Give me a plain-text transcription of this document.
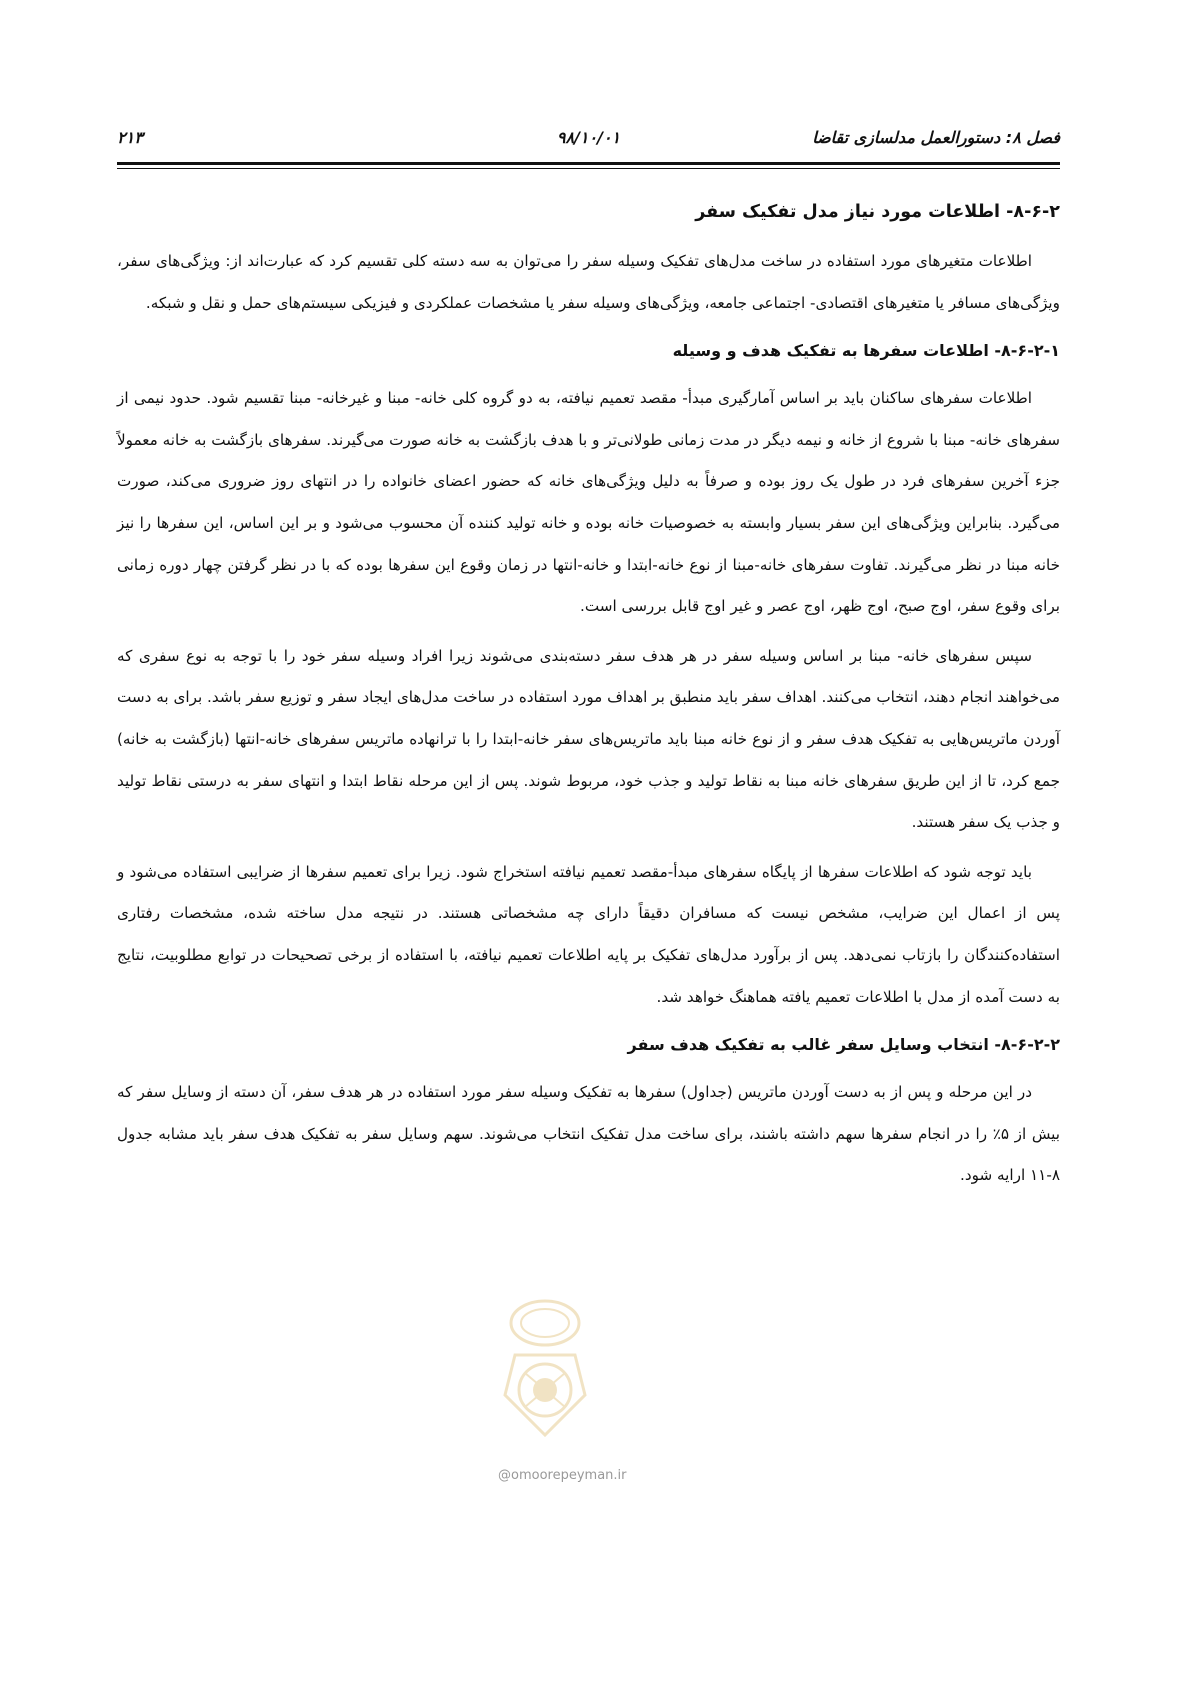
فصل ۸: دستورالعمل مدلسازی تقاضا
۹۸/۱۰/۰۱
۲۱۳
۸-۶-۲- اطلاعات مورد نیاز مدل تفکیک سفر

اطلاعات متغیرهای مورد استفاده در ساخت مدل‌های تفکیک وسیله سفر را می‌توان به سه دسته کلی تقسیم کرد که عبارت‌اند از: ویژگی‌های سفر، ویژگی‌های مسافر یا متغیرهای اقتصادی- اجتماعی جامعه، ویژگی‌های وسیله سفر یا مشخصات عملکردی و فیزیکی سیستم‌های حمل و نقل و شبکه.

۸-۶-۲-۱- اطلاعات سفرها به تفکیک هدف و وسیله

اطلاعات سفرهای ساکنان باید بر اساس آمارگیری مبدأ- مقصد تعمیم نیافته، به دو گروه کلی خانه- مبنا و غیرخانه- مبنا تقسیم شود. حدود نیمی از سفرهای خانه- مبنا با شروع از خانه و نیمه دیگر در مدت زمانی طولانی‌تر و با هدف بازگشت به خانه صورت می‌گیرند. سفرهای بازگشت به خانه معمولاً جزء آخرین سفرهای فرد در طول یک روز بوده و صرفاً به دلیل ویژگی‌های خانه که حضور اعضای خانواده را در انتهای روز ضروری می‌کند، صورت می‌گیرد. بنابراین ویژگی‌های این سفر بسیار وابسته به خصوصیات خانه بوده و خانه تولید کننده آن محسوب می‌شود و بر این اساس، این سفرها را نیز خانه مبنا در نظر می‌گیرند. تفاوت سفرهای خانه-مبنا از نوع خانه-ابتدا و خانه-انتها در زمان وقوع این سفرها بوده که با در نظر گرفتن چهار دوره زمانی برای وقوع سفر، اوج صبح، اوج ظهر، اوج عصر و غیر اوج قابل بررسی است.

سپس سفرهای خانه- مبنا بر اساس وسیله سفر در هر هدف سفر دسته‌بندی می‌شوند زیرا افراد وسیله سفر خود را با توجه به نوع سفری که می‌خواهند انجام دهند، انتخاب می‌کنند. اهداف سفر باید منطبق بر اهداف مورد استفاده در ساخت مدل‌های ایجاد سفر و توزیع سفر باشد. برای به دست آوردن ماتریس‌هایی به تفکیک هدف سفر و از نوع خانه مبنا باید ماتریس‌های سفر خانه-ابتدا را با ترانهاده ماتریس سفرهای خانه-انتها (بازگشت به خانه) جمع کرد، تا از این طریق سفرهای خانه مبنا به نقاط تولید و جذب خود، مربوط شوند. پس از این مرحله نقاط ابتدا و انتهای سفر به درستی نقاط تولید و جذب یک سفر هستند.

باید توجه شود که اطلاعات سفرها از پایگاه سفرهای مبدأ-مقصد تعمیم نیافته استخراج شود. زیرا برای تعمیم سفرها از ضرایبی استفاده می‌شود و پس از اعمال این ضرایب، مشخص نیست که مسافران دقیقاً دارای چه مشخصاتی هستند. در نتیجه مدل ساخته شده، مشخصات رفتاری استفاده‌کنندگان را بازتاب نمی‌دهد. پس از برآورد مدل‌های تفکیک بر پایه اطلاعات تعمیم نیافته، با استفاده از برخی تصحیحات در توابع مطلوبیت، نتایج به دست آمده از مدل با اطلاعات تعمیم یافته هماهنگ خواهد شد.

۸-۶-۲-۲- انتخاب وسایل سفر غالب به تفکیک هدف سفر

در این مرحله و پس از به دست آوردن ماتریس (جداول) سفرها به تفکیک وسیله سفر مورد استفاده در هر هدف سفر، آن دسته از وسایل سفر که بیش از ۵٪ را در انجام سفرها سهم داشته باشند، برای ساخت مدل تفکیک انتخاب می‌شوند. سهم وسایل سفر به تفکیک هدف سفر باید مشابه جدول ۸-۱۱ ارایه شود.

@omoorepeyman.ir
